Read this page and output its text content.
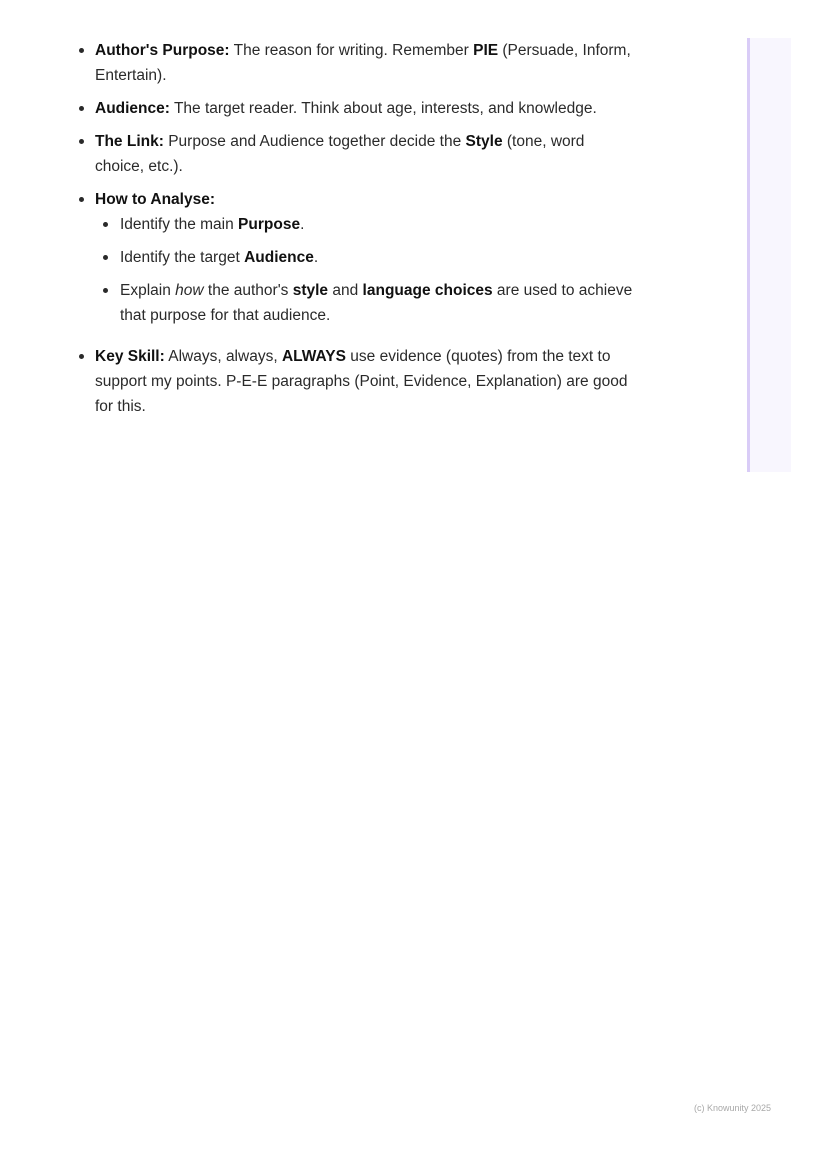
Author's Purpose: The reason for writing. Remember PIE (Persuade, Inform, Entertain).
Audience: The target reader. Think about age, interests, and knowledge.
The Link: Purpose and Audience together decide the Style (tone, word choice, etc.).
How to Analyse:
Identify the main Purpose.
Identify the target Audience.
Explain how the author's style and language choices are used to achieve that purpose for that audience.
Key Skill: Always, always, ALWAYS use evidence (quotes) from the text to support my points. P-E-E paragraphs (Point, Evidence, Explanation) are good for this.
(c) Knowunity 2025
